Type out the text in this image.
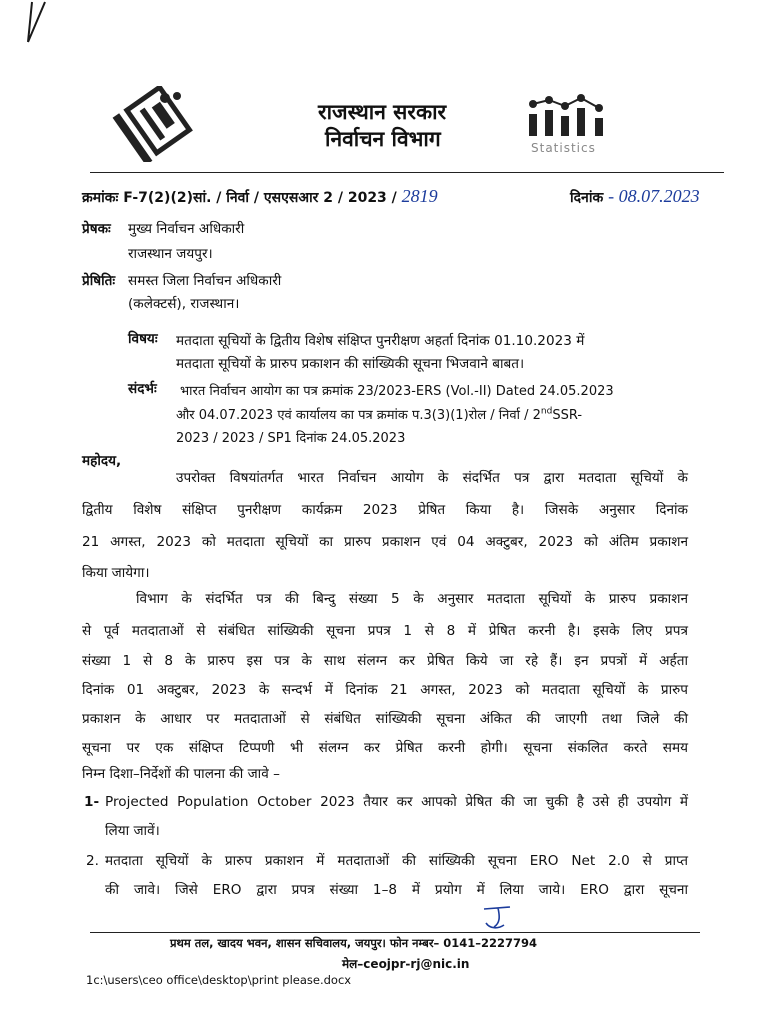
Statistics
राजस्थान सरकार
निर्वाचन विभाग
क्रमांकः F-7(2)(2)सां. / निर्वा / एसएसआर 2 / 2023 / 2819	दिनांक - 08.07.2023
प्रेषकः मुख्य निर्वाचन अधिकारी
राजस्थान जयपुर।
प्रेषितिः समस्त जिला निर्वाचन अधिकारी
(कलेक्टर्स), राजस्थान।
विषयः मतदाता सूचियों के द्वितीय विशेष संक्षिप्त पुनरीक्षण अहर्ता दिनांक 01.10.2023 में
मतदाता सूचियों के प्रारुप प्रकाशन की सांख्यिकी सूचना भिजवाने बाबत।
संदर्भः भारत निर्वाचन आयोग का पत्र क्रमांक 23/2023-ERS (Vol.-II) Dated 24.05.2023
और 04.07.2023 एवं कार्यालय का पत्र क्रमांक प.3(3)(1)रोल / निर्वा / 2ndSSR-
2023 / 2023 / SP1 दिनांक 24.05.2023
महोदय,
उपरोक्त विषयांतर्गत भारत निर्वाचन आयोग के संदर्भित पत्र द्वारा मतदाता सूचियों के
द्वितीय विशेष संक्षिप्त पुनरीक्षण कार्यक्रम 2023 प्रेषित किया है। जिसके अनुसार दिनांक
21 अगस्त, 2023 को मतदाता सूचियों का प्रारुप प्रकाशन एवं 04 अक्टुबर, 2023 को अंतिम प्रकाशन
किया जायेगा।
विभाग के संदर्भित पत्र की बिन्दु संख्या 5 के अनुसार मतदाता सूचियों के प्रारुप प्रकाशन
से पूर्व मतदाताओं से संबंधित सांख्यिकी सूचना प्रपत्र 1 से 8 में प्रेषित करनी है। इसके लिए प्रपत्र
संख्या 1 से 8 के प्रारुप इस पत्र के साथ संलग्न कर प्रेषित किये जा रहे हैं। इन प्रपत्रों में अर्हता
दिनांक 01 अक्टुबर, 2023 के सन्दर्भ में दिनांक 21 अगस्त, 2023 को मतदाता सूचियों के प्रारुप
प्रकाशन के आधार पर मतदाताओं से संबंधित सांख्यिकी सूचना अंकित की जाएगी तथा जिले की
सूचना पर एक संक्षिप्त टिप्पणी भी संलग्न कर प्रेषित करनी होगी। सूचना संकलित करते समय
निम्न दिशा–निर्देशों की पालना की जावे –
1- Projected Population October 2023 तैयार कर आपको प्रेषित की जा चुकी है उसे ही उपयोग में
लिया जावें।
2. मतदाता सूचियों के प्रारुप प्रकाशन में मतदाताओं की सांख्यिकी सूचना ERO Net 2.0 से प्राप्त
की जावे। जिसे ERO द्वारा प्रपत्र संख्या 1–8 में प्रयोग में लिया जाये। ERO द्वारा सूचना
प्रथम तल, खादय भवन, शासन सचिवालय, जयपुर। फोन नम्बर– 0141–2227794
मेल–ceojpr-rj@nic.in
1c:\users\ceo office\desktop\print please.docx
